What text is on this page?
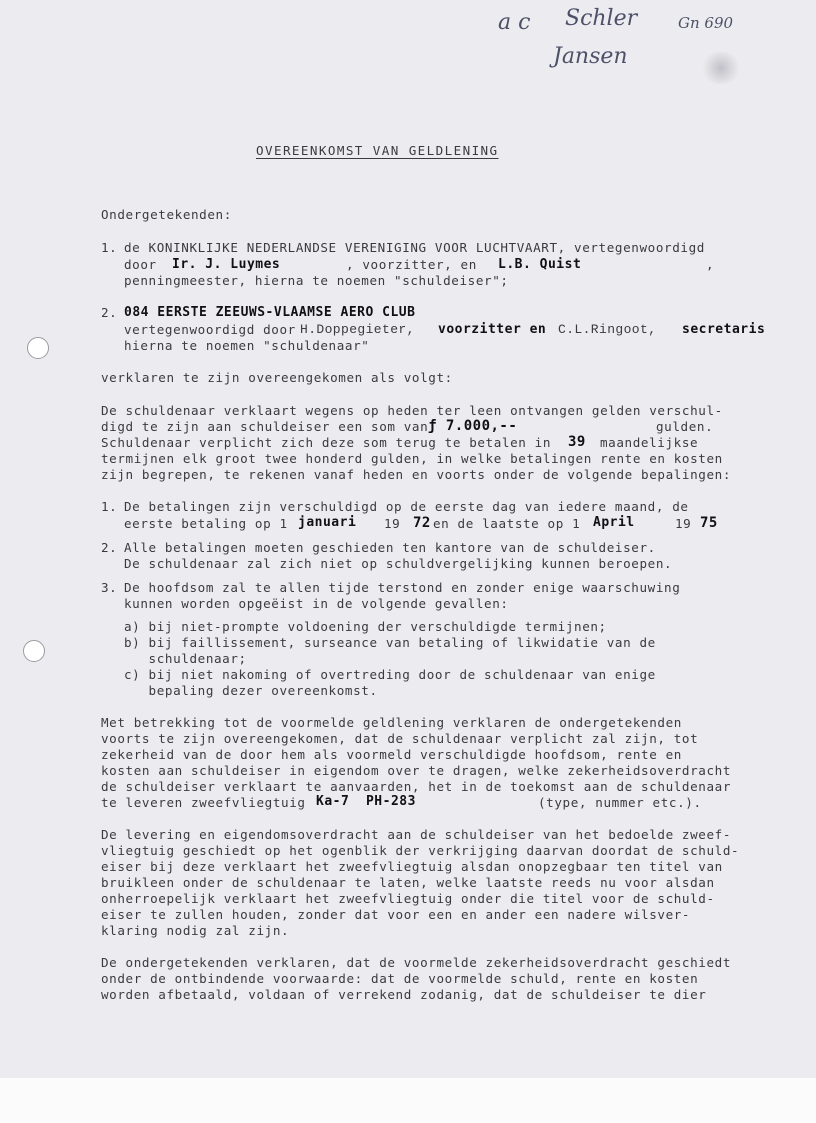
a c Schler
Jansen
Gn 690
OVEREENKOMST VAN GELDLENING
Ondergetekenden:
1. de KONINKLIJKE NEDERLANDSE VERENIGING VOOR LUCHTVAART, vertegenwoordigd
door Ir. J. Luymes	, voorzitter, en L.B. Quist	,
penningmeester, hierna te noemen "schuldeiser";
2. 084 EERSTE ZEEUWS-VLAAMSE AERO CLUB
vertegenwoordigd door H.Doppegieter, voorzitter en C.L.Ringoot, secretaris
hierna te noemen "schuldenaar"
verklaren te zijn overeengekomen als volgt:
De schuldenaar verklaart wegens op heden ter leen ontvangen gelden verschul-
digd te zijn aan schuldeiser een som van ƒ 7.000,--	gulden.
Schuldenaar verplicht zich deze som terug te betalen in 39 maandelijkse
termijnen elk groot twee honderd gulden, in welke betalingen rente en kosten
zijn begrepen, te rekenen vanaf heden en voorts onder de volgende bepalingen:
1. De betalingen zijn verschuldigd op de eerste dag van iedere maand, de
eerste betaling op 1 januari 19 72 en de laatste op 1 April	19 75
2. Alle betalingen moeten geschieden ten kantore van de schuldeiser.
De schuldenaar zal zich niet op schuldvergelijking kunnen beroepen.
3. De hoofdsom zal te allen tijde terstond en zonder enige waarschuwing
kunnen worden opgeëist in de volgende gevallen:
a) bij niet-prompte voldoening der verschuldigde termijnen;
b) bij faillissement, surseance van betaling of likwidatie van de
schuldenaar;
c) bij niet nakoming of overtreding door de schuldenaar van enige
bepaling dezer overeenkomst.
Met betrekking tot de voormelde geldlening verklaren de ondergetekenden
voorts te zijn overeengekomen, dat de schuldenaar verplicht zal zijn, tot
zekerheid van de door hem als voormeld verschuldigde hoofdsom, rente en
kosten aan schuldeiser in eigendom over te dragen, welke zekerheidsoverdracht
de schuldeiser verklaart te aanvaarden, het in de toekomst aan de schuldenaar
te leveren zweefvliegtuig Ka-7  PH-283	(type, nummer etc.).
De levering en eigendomsoverdracht aan de schuldeiser van het bedoelde zweef-
vliegtuig geschiedt op het ogenblik der verkrijging daarvan doordat de schuld-
eiser bij deze verklaart het zweefvliegtuig alsdan onopzegbaar ten titel van
bruikleen onder de schuldenaar te laten, welke laatste reeds nu voor alsdan
onherroepelijk verklaart het zweefvliegtuig onder die titel voor de schuld-
eiser te zullen houden, zonder dat voor een en ander een nadere wilsver-
klaring nodig zal zijn.
De ondergetekenden verklaren, dat de voormelde zekerheidsoverdracht geschiedt
onder de ontbindende voorwaarde: dat de voormelde schuld, rente en kosten
worden afbetaald, voldaan of verrekend zodanig, dat de schuldeiser te dier
